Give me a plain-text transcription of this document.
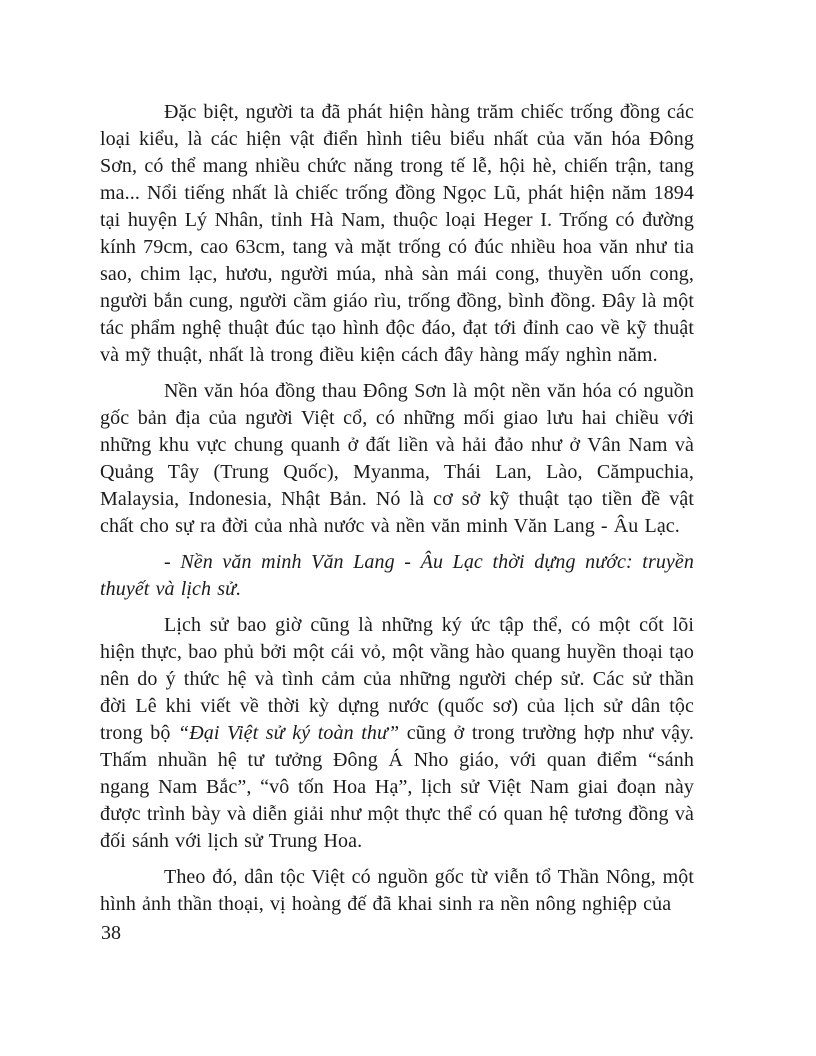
Đặc biệt, người ta đã phát hiện hàng trăm chiếc trống đồng các loại kiểu, là các hiện vật điển hình tiêu biểu nhất của văn hóa Đông Sơn, có thể mang nhiều chức năng trong tế lễ, hội hè, chiến trận, tang ma... Nổi tiếng nhất là chiếc trống đồng Ngọc Lũ, phát hiện năm 1894 tại huyện Lý Nhân, tỉnh Hà Nam, thuộc loại Heger I. Trống có đường kính 79cm, cao 63cm, tang và mặt trống có đúc nhiều hoa văn như tia sao, chim lạc, hươu, người múa, nhà sàn mái cong, thuyền uốn cong, người bắn cung, người cầm giáo rìu, trống đồng, bình đồng. Đây là một tác phẩm nghệ thuật đúc tạo hình độc đáo, đạt tới đỉnh cao về kỹ thuật và mỹ thuật, nhất là trong điều kiện cách đây hàng mấy nghìn năm.

Nền văn hóa đồng thau Đông Sơn là một nền văn hóa có nguồn gốc bản địa của người Việt cổ, có những mối giao lưu hai chiều với những khu vực chung quanh ở đất liền và hải đảo như ở Vân Nam và Quảng Tây (Trung Quốc), Myanma, Thái Lan, Lào, Cămpuchia, Malaysia, Indonesia, Nhật Bản. Nó là cơ sở kỹ thuật tạo tiền đề vật chất cho sự ra đời của nhà nước và nền văn minh Văn Lang - Âu Lạc.

- Nền văn minh Văn Lang - Âu Lạc thời dựng nước: truyền thuyết và lịch sử.

Lịch sử bao giờ cũng là những ký ức tập thể, có một cốt lõi hiện thực, bao phủ bởi một cái vỏ, một vầng hào quang huyền thoại tạo nên do ý thức hệ và tình cảm của những người chép sử. Các sử thần đời Lê khi viết về thời kỳ dựng nước (quốc sơ) của lịch sử dân tộc trong bộ “Đại Việt sử ký toàn thư” cũng ở trong trường hợp như vậy. Thấm nhuần hệ tư tưởng Đông Á Nho giáo, với quan điểm “sánh ngang Nam Bắc”, “vô tốn Hoa Hạ”, lịch sử Việt Nam giai đoạn này được trình bày và diễn giải như một thực thể có quan hệ tương đồng và đối sánh với lịch sử Trung Hoa.

Theo đó, dân tộc Việt có nguồn gốc từ viễn tổ Thần Nông, một hình ảnh thần thoại, vị hoàng đế đã khai sinh ra nền nông nghiệp của

38
